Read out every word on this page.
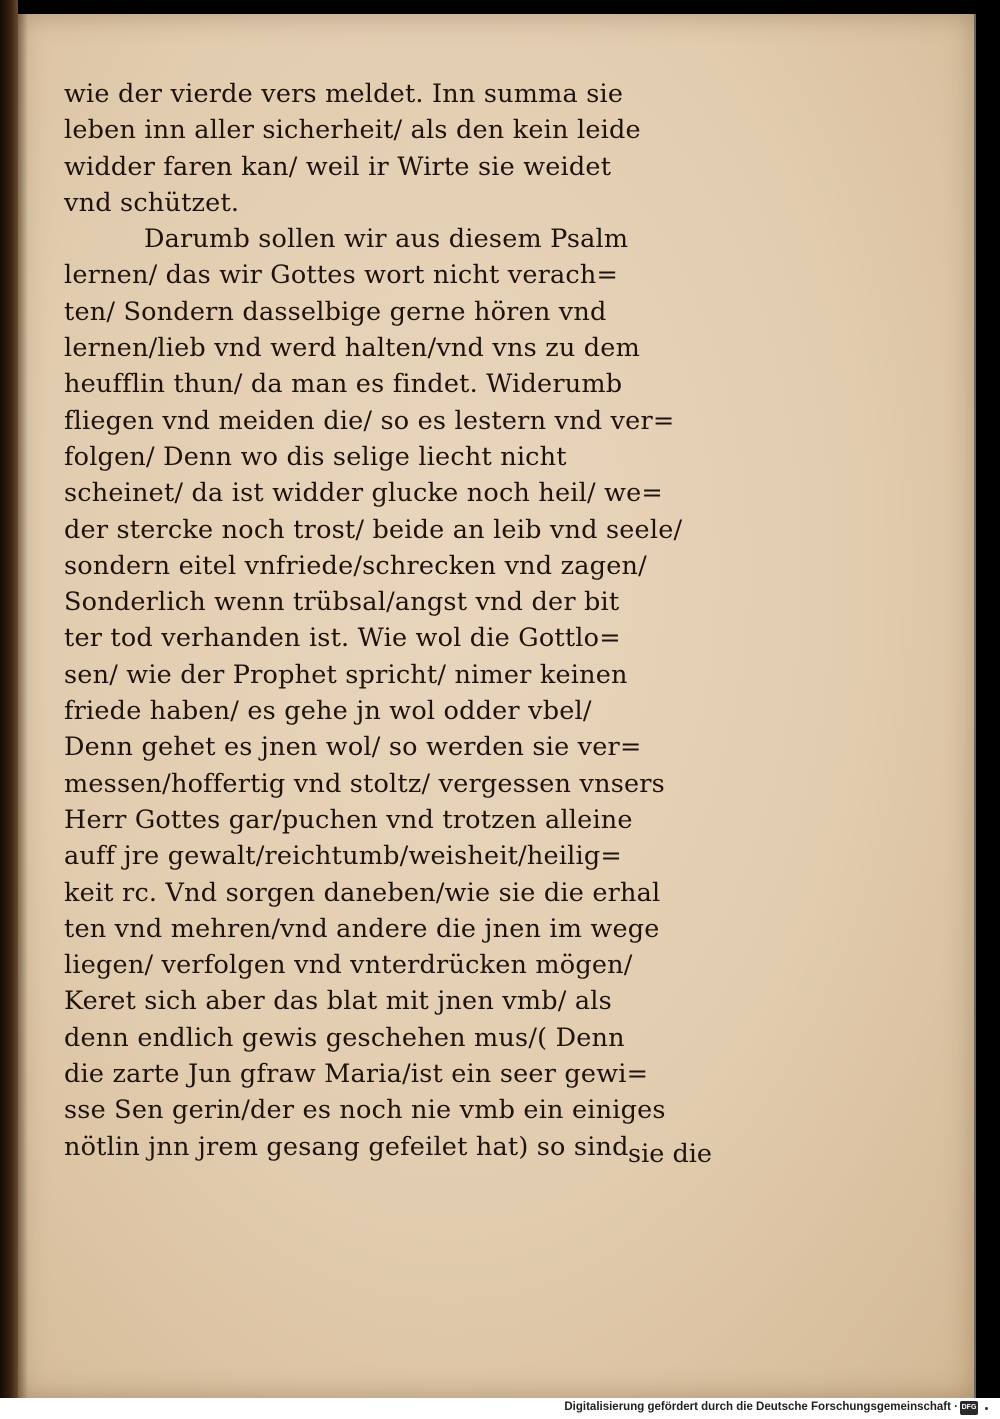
wie der vierde vers meldet. Inn summa sie
leben inn aller sicherheit/ als den kein leide
widder faren kan/ weil ir Wirte sie weidet
vnd schützet.
Darumb sollen wir aus diesem Psalm
lernen/ das wir Gottes wort nicht verach=
ten/ Sondern dasselbige gerne hören vnd
lernen/lieb vnd werd halten/vnd vns zu dem
heufflin thun/ da man es findet. Widerumb
fliegen vnd meiden die/ so es lestern vnd ver=
folgen/ Denn wo dis selige liecht nicht
scheinet/ da ist widder glucke noch heil/ we=
der stercke noch trost/ beide an leib vnd seele/
sondern eitel vnfriede/schrecken vnd zagen/
Sonderlich wenn trübsal/angst vnd der bit
ter tod verhanden ist. Wie wol die Gottlo=
sen/ wie der Prophet spricht/ nimer keinen
friede haben/ es gehe jn wol odder vbel/
Denn gehet es jnen wol/ so werden sie ver=
messen/hoffertig vnd stoltz/ vergessen vnsers
Herr Gottes gar/puchen vnd trotzen alleine
auff jre gewalt/reichtumb/weisheit/heilig=
keit rc. Vnd sorgen daneben/wie sie die erhal
ten vnd mehren/vnd andere die jnen im wege
liegen/ verfolgen vnd vnterdrücken mögen/
Keret sich aber das blat mit jnen vmb/ als
denn endlich gewis geschehen mus/( Denn
die zarte Jun gfraw Maria/ist ein seer gewi=
sse Sen gerin/der es noch nie vmb ein einiges
nötlin jnn jrem gesang gefeilet hat) so sind sie die
Digitalisierung gefördert durch die Deutsche Forschungsgemeinschaft · DFG
